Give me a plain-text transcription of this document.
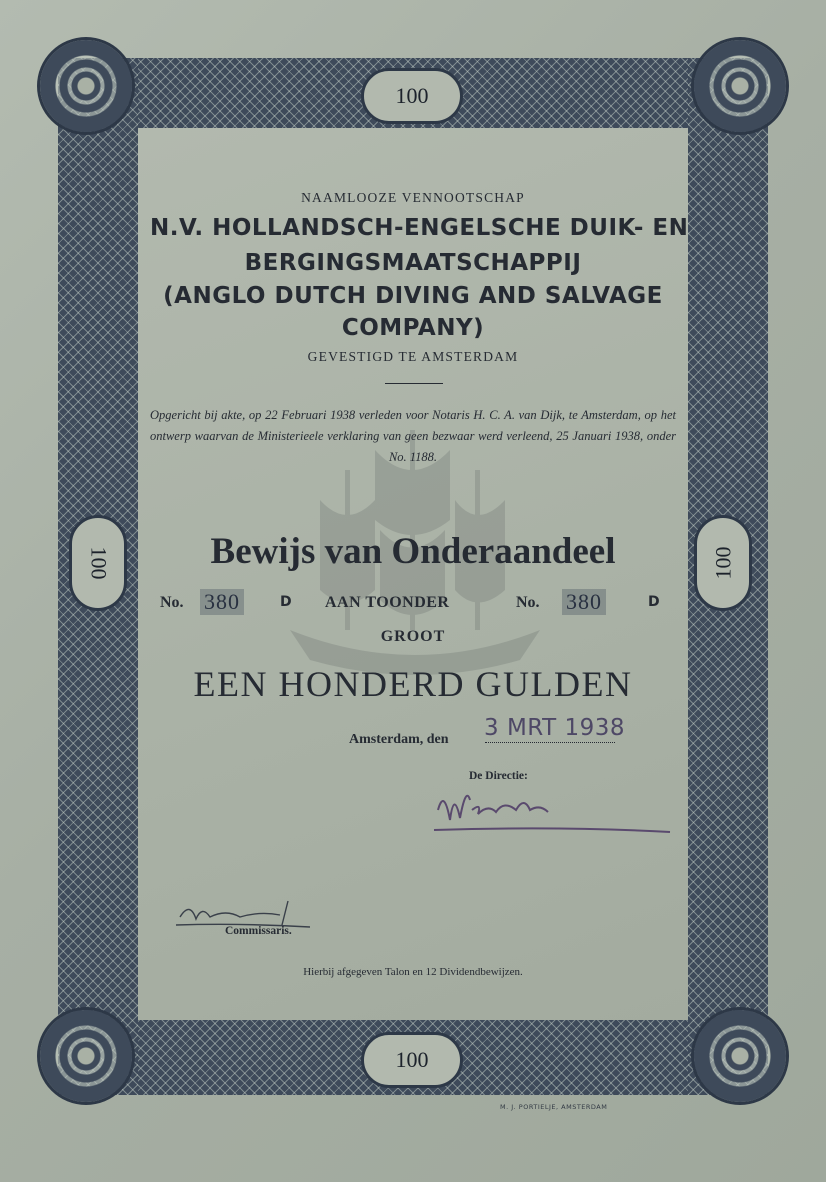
100
100
100	100
NAAMLOOZE VENNOOTSCHAP
N.V. HOLLANDSCH-ENGELSCHE DUIK- EN
BERGINGSMAATSCHAPPIJ
(ANGLO DUTCH DIVING AND SALVAGE
COMPANY)
GEVESTIGD TE AMSTERDAM
Opgericht bij akte, op 22 Februari 1938 verleden voor Notaris H. C. A. van Dijk, te Amsterdam, op het ontwerp waarvan de Ministerieele verklaring van geen bezwaar werd verleend, 25 Januari 1938, onder No. 1188.
Bewijs van Onderaandeel
No. 380	D AAN TOONDER	No. 380	D
GROOT
EEN HONDERD GULDEN
Amsterdam, den 3 MRT 1938
De Directie:
Commissaris.
Hierbij afgegeven Talon en 12 Dividendbewijzen.
M. J. PORTIELJE, AMSTERDAM
